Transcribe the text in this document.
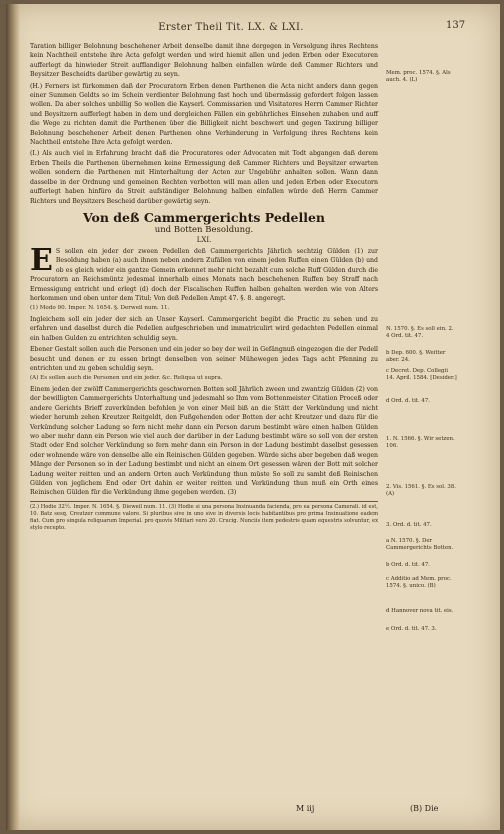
Erster Theil Tit. LX. & LXI.	137

Taration billiger Belohnung beschehener Arbeit denselbe damit ihne dergegen in Versolgung ihres Rechtens kein Nachtheil entstehe ihre Acta gefolgt werden und wird hiemit allen und jeden Erben oder Executoren aufferlegt da hinwieder Streit aufflandiger Belohnung halben einfallen würde deß Cammer Richters und Beysitzer Bescheidts darüber gewärtig zu seyn.

(H.) Ferners ist fürkommen daß der Procuratorn Erben denen Parthenen die Acta nicht anders dann gegen einer Summen Geldts so im Schein verdienter Belohnung fast hoch und übermässig gefordert folgen lassen wollen. Da aber solches unbillig So wollen die Kayserl. Commissarien und Visitatores Herrn Cammer Richter und Beysitzern aufferlegt haben in dem und dergleichen Fällen ein gebührliches Einsehen zuhaben und auff die Wege zu richten damit die Parthenen über die Billigkeit nicht beschwert und gegen Taxirung billiger Belohnung beschehener Arbeit denen Parthenen ohne Verhinderung in Verfolgung ihres Rechtens kein Nachtheil entstehe Ihre Acta gefolgt werden.

(I.) Als auch viel in Erfahrung bracht daß die Procuratores oder Advocaten mit Todt abgangen daß derem Erben Theils die Parthenen übernehmen keine Ermessigung deß Cammer Richters und Beysitzer erwarten wollen sondern die Parthenen mit Hinterhaltung der Acten zur Ungebühr anhalten sollen. Wann dann dasselbe in der Ordnung und gemeinen Rechten verbotten will man allen und jeden Erben oder Executorn aufferlegt haben hinfüro da Streit aufständiger Belohnung halben einfallen würde deß Herrn Cammer Richters und Beysitzers Bescheid darüber gewärtig seyn.

Von deß Cammergerichts Pedellen
und Botten Besoldung.
LXI.

E S sollen ein jeder der zween Pedellen deß Cammergerichts Jährlich sechtzig Gülden (1) zur Besoldung haben (a) auch ihnen neben andern Zufällen von einem jeden Ruffen einen Gülden (b) und ob es gleich wider ein gantze Gemein erkennet mehr nicht bezahlt cum solche Ruff Gülden durch die Procuratorn an Reichsmüntz jedesmal innerhalb eines Monats nach beschehenen Ruffen bey Straff nach Ermessigung entricht und erlegt (d) doch der Fiscalischen Ruffen halben gehalten werden wie von Alters herkommen und oben unter dem Titul: Von deß Pedellen Ampt 47. §. 8. angeregt.

(1) Modo 90. Imper. N. 1654. §. Derweil num. 11.

Ingleichem soll ein jeder der sich an Unser Kayserl. Cammergericht begibt die Practic zu sehen und zu erfahren und daselbst durch die Pedellen aufgeschrieben und immatriculirt wird gedachten Pedellen einmal ein halben Gulden zu entrichten schuldig seyn.

Ebener Gestalt sollen auch die Personen und ein jeder so bey der weil in Gefängnuß eingezogen die der Pedell besucht und denen er zu essen bringt denselben von seiner Mühewegen jedes Tags acht Pfenning zu entrichten und zu geben schuldig seyn.

(A) Es sollen auch die Personen und ein jeder. &c. Reliqua ut supra.

Einem jeden der zwölff Cammergerichts geschwornen Botten soll Jährlich zween und zwantzig Gülden (2) von der bewilligten Cammergerichts Unterhaltung und jedesmahl so Ihm vom Bottenmeister Citation Proceß oder andere Gerichts Brieff zuverkünden befohlen je von einer Meil biß an die Stätt der Verkündung und nicht wieder herumb zehen Kreutzer Reitgeldt, den Fußgehenden oder Botten der acht Kreutzer und dazu für die Verkündung solcher Ladung so fern nicht mehr dann ein Person darum bestimbt wäre einen halben Gülden wo aber mehr dann ein Person wie viel auch der darüber in der Ladung bestimbt wäre so soll von der ersten Stadt oder End solcher Verkündung so fern mehr dann ein Person in der Ladung bestimbt daselbst gesessen oder wohnende wäre von denselbe alle ein Reinischen Gülden gegeben. Würde sichs aber begeben daß wegen Mänge der Personen so in der Ladung bestimbt und nicht an einem Ort gesessen wären der Bott mit solcher Ladung weiter reitten und an andern Orten auch Verkündung thun müste So soll zu sambt deß Reinischen Gülden von jeglichem End oder Ort dahin er weiter reitten und Verkündung thun muß ein Orth eines Reinischen Gülden für die Verkündung ihme gegeben werden. (3)

(2.) Hodie 32½. Imper. N. 1654. §. Dieweil num. 11. (3) Hodie si una persona Insinuanda facienda, pro ea persona Camerali. id est, 10. Batz sesq. Creutzer commune valore. Si pluribus sive in uno sive in diversis locis habitantibus pro prima Insinuatione eadem fiat. Cum pro singula reliquarum Imperial. pro quovis Militari vero 20. Crucig. Nunciis item pedestris quam equestris solvuntur, ex stylo recepto.
Mem. proc. 1574. §. Als auch. 4. (L)
N. 1570. §. Es soll ein. 2. 4 Ord. tit. 47.
b Dep. 600. §. Weitter aber. 24.
c Decret. Dep. Collegii 14. April. 1584. [Desider.]
d Ord. d. tit. 47.
1. N. 1566. §. Wir setzen. 106.
2. Vis. 1561. §. Es sol. 38. (A)
3. Ord. d. tit. 47.
a N. 1570. §. Der Cammergerichts Botten.
b Ord. d. tit. 47.
c Additio ad Mem. proc. 1574. §. unico. (B)
d Hannover nova tit. eis.
e Ord. d. tit. 47. 3.
M iij	(B) Die
